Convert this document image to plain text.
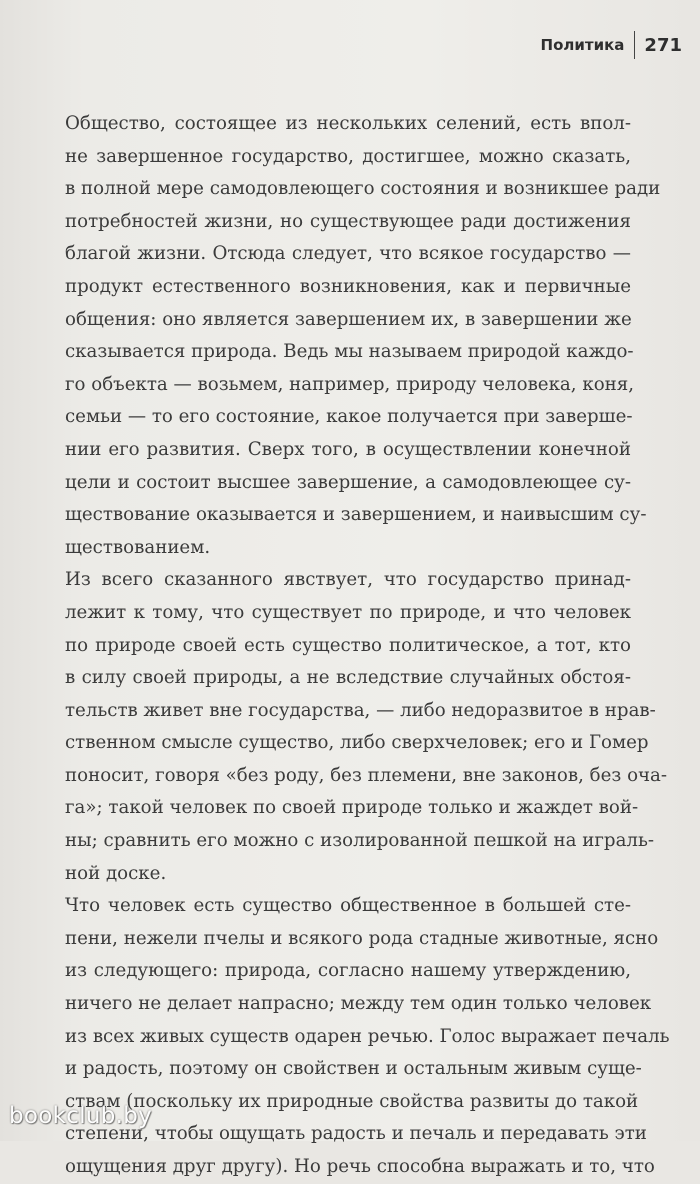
Политика	271
Общество, состоящее из нескольких селений, есть впол-
не завершенное государство, достигшее, можно сказать,
в полной мере самодовлеющего состояния и возникшее ради
потребностей жизни, но существующее ради достижения
благой жизни. Отсюда следует, что всякое государство —
продукт естественного возникновения, как и первичные
общения: оно является завершением их, в завершении же
сказывается природа. Ведь мы называем природой каждо-
го объекта — возьмем, например, природу человека, коня,
семьи — то его состояние, какое получается при заверше-
нии его развития. Сверх того, в осуществлении конечной
цели и состоит высшее завершение, а самодовлеющее су-
ществование оказывается и завершением, и наивысшим су-
ществованием.
Из всего сказанного явствует, что государство принад-
лежит к тому, что существует по природе, и что человек
по природе своей есть существо политическое, а тот, кто
в силу своей природы, а не вследствие случайных обстоя-
тельств живет вне государства, — либо недоразвитое в нрав-
ственном смысле существо, либо сверхчеловек; его и Гомер
поносит, говоря «без роду, без племени, вне законов, без оча-
га»; такой человек по своей природе только и жаждет вой-
ны; сравнить его можно с изолированной пешкой на играль-
ной доске.
Что человек есть существо общественное в большей сте-
пени, нежели пчелы и всякого рода стадные животные, ясно
из следующего: природа, согласно нашему утверждению,
ничего не делает напрасно; между тем один только человек
из всех живых существ одарен речью. Голос выражает печаль
и радость, поэтому он свойствен и остальным живым суще-
ствам (поскольку их природные свойства развиты до такой
степени, чтобы ощущать радость и печаль и передавать эти
ощущения друг другу). Но речь способна выражать и то, что
bookclub.by
